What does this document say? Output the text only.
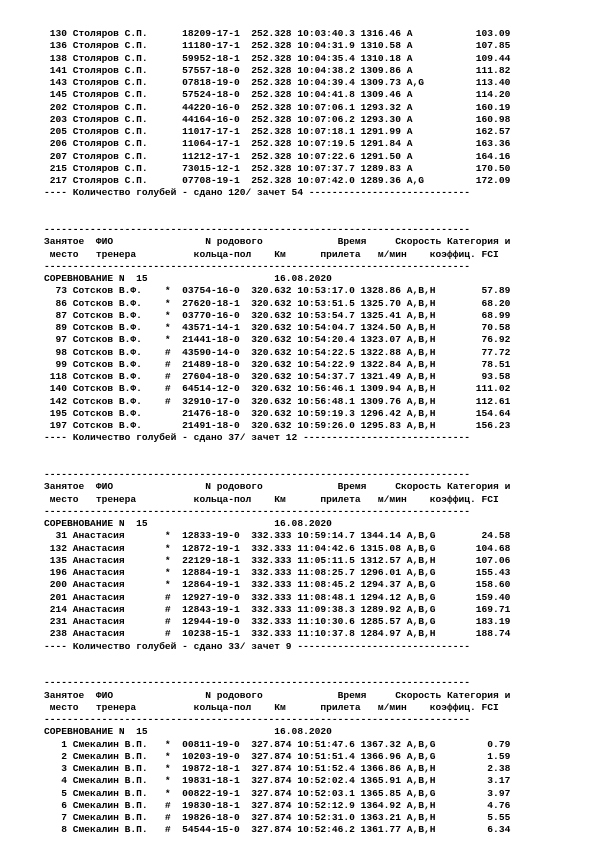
130 Столяров С.П.      18209-17-1  252.328 10:03:40.3 1316.46 A           103.09
136 Столяров С.П.      11180-17-1  252.328 10:04:31.9 1310.58 A           107.85
138 Столяров С.П.      59952-18-1  252.328 10:04:35.4 1310.18 A           109.44
141 Столяров С.П.      57557-18-0  252.328 10:04:38.2 1309.86 A           111.82
143 Столяров С.П.      07818-19-0  252.328 10:04:39.4 1309.73 A,G         113.40
145 Столяров С.П.      57524-18-0  252.328 10:04:41.8 1309.46 A           114.20
202 Столяров С.П.      44220-16-0  252.328 10:07:06.1 1293.32 A           160.19
203 Столяров С.П.      44164-16-0  252.328 10:07:06.2 1293.30 A           160.98
205 Столяров С.П.      11017-17-1  252.328 10:07:18.1 1291.99 A           162.57
206 Столяров С.П.      11064-17-1  252.328 10:07:19.5 1291.84 A           163.36
207 Столяров С.П.      11212-17-1  252.328 10:07:22.6 1291.50 A           164.16
215 Столяров С.П.      73015-12-1  252.328 10:07:37.7 1289.83 A           170.50
217 Столяров С.П.      07708-19-1  252.328 10:07:42.0 1289.36 A,G         172.09
---- Количество голубей - сдано 120/ зачет 54 ----------------------------
--------------------------------------------------------------------------
Занятое  ФИО                N родового             Время     Скорость Категория и
место   тренера          кольца-пол    Км      прилета   м/мин    коэффиц. FCI
--------------------------------------------------------------------------
СОРЕВНОВАНИЕ N  15                      16.08.2020
73 Сотсков В.Ф.    *  03754-16-0  320.632 10:53:17.0 1328.86 A,B,H        57.89
86 Сотсков В.Ф.    *  27620-18-1  320.632 10:53:51.5 1325.70 A,B,H        68.20
87 Сотсков В.Ф.    *  03770-16-0  320.632 10:53:54.7 1325.41 A,B,H        68.99
89 Сотсков В.Ф.    *  43571-14-1  320.632 10:54:04.7 1324.50 A,B,H        70.58
97 Сотсков В.Ф.    *  21441-18-0  320.632 10:54:20.4 1323.07 A,B,H        76.92
98 Сотсков В.Ф.    #  43590-14-0  320.632 10:54:22.5 1322.88 A,B,H        77.72
99 Сотсков В.Ф.    #  21489-18-0  320.632 10:54:22.9 1322.84 A,B,H        78.51
118 Сотсков В.Ф.    #  27604-18-0  320.632 10:54:37.7 1321.49 A,B,H        93.58
140 Сотсков В.Ф.    #  64514-12-0  320.632 10:56:46.1 1309.94 A,B,H       111.02
142 Сотсков В.Ф.    #  32910-17-0  320.632 10:56:48.1 1309.76 A,B,H       112.61
195 Сотсков В.Ф.       21476-18-0  320.632 10:59:19.3 1296.42 A,B,H       154.64
197 Сотсков В.Ф.       21491-18-0  320.632 10:59:26.0 1295.83 A,B,H       156.23
---- Количество голубей - сдано 37/ зачет 12 -----------------------------
--------------------------------------------------------------------------
Занятое  ФИО                N родового             Время     Скорость Категория и
место   тренера          кольца-пол    Км      прилета   м/мин    коэффиц. FCI
--------------------------------------------------------------------------
СОРЕВНОВАНИЕ N  15                      16.08.2020
31 Анастасия       *  12833-19-0  332.333 10:59:14.7 1344.14 A,B,G        24.58
132 Анастасия       *  12872-19-1  332.333 11:04:42.6 1315.08 A,B,G       104.68
135 Анастасия       *  22129-18-1  332.333 11:05:11.5 1312.57 A,B,H       107.06
196 Анастасия       *  12884-19-1  332.333 11:08:25.7 1296.01 A,B,G       155.43
200 Анастасия       *  12864-19-1  332.333 11:08:45.2 1294.37 A,B,G       158.60
201 Анастасия       #  12927-19-0  332.333 11:08:48.1 1294.12 A,B,G       159.40
214 Анастасия       #  12843-19-1  332.333 11:09:38.3 1289.92 A,B,G       169.71
231 Анастасия       #  12944-19-0  332.333 11:10:30.6 1285.57 A,B,G       183.19
238 Анастасия       #  10238-15-1  332.333 11:10:37.8 1284.97 A,B,H       188.74
---- Количество голубей - сдано 33/ зачет 9 ------------------------------
--------------------------------------------------------------------------
Занятое  ФИО                N родового             Время     Скорость Категория и
место   тренера          кольца-пол    Км      прилета   м/мин    коэффиц. FCI
--------------------------------------------------------------------------
СОРЕВНОВАНИЕ N  15                      16.08.2020
1 Смекалин В.П.   *  00811-19-0  327.874 10:51:47.6 1367.32 A,B,G         0.79
2 Смекалин В.П.   *  10203-19-0  327.874 10:51:51.4 1366.96 A,B,G         1.59
3 Смекалин В.П.   *  19872-18-1  327.874 10:51:52.4 1366.86 A,B,H         2.38
4 Смекалин В.П.   *  19831-18-1  327.874 10:52:02.4 1365.91 A,B,H         3.17
5 Смекалин В.П.   *  00822-19-1  327.874 10:52:03.1 1365.85 A,B,G         3.97
6 Смекалин В.П.   #  19830-18-1  327.874 10:52:12.9 1364.92 A,B,H         4.76
7 Смекалин В.П.   #  19826-18-0  327.874 10:52:31.0 1363.21 A,B,H         5.55
8 Смекалин В.П.   #  54544-15-0  327.874 10:52:46.2 1361.77 A,B,H         6.34
